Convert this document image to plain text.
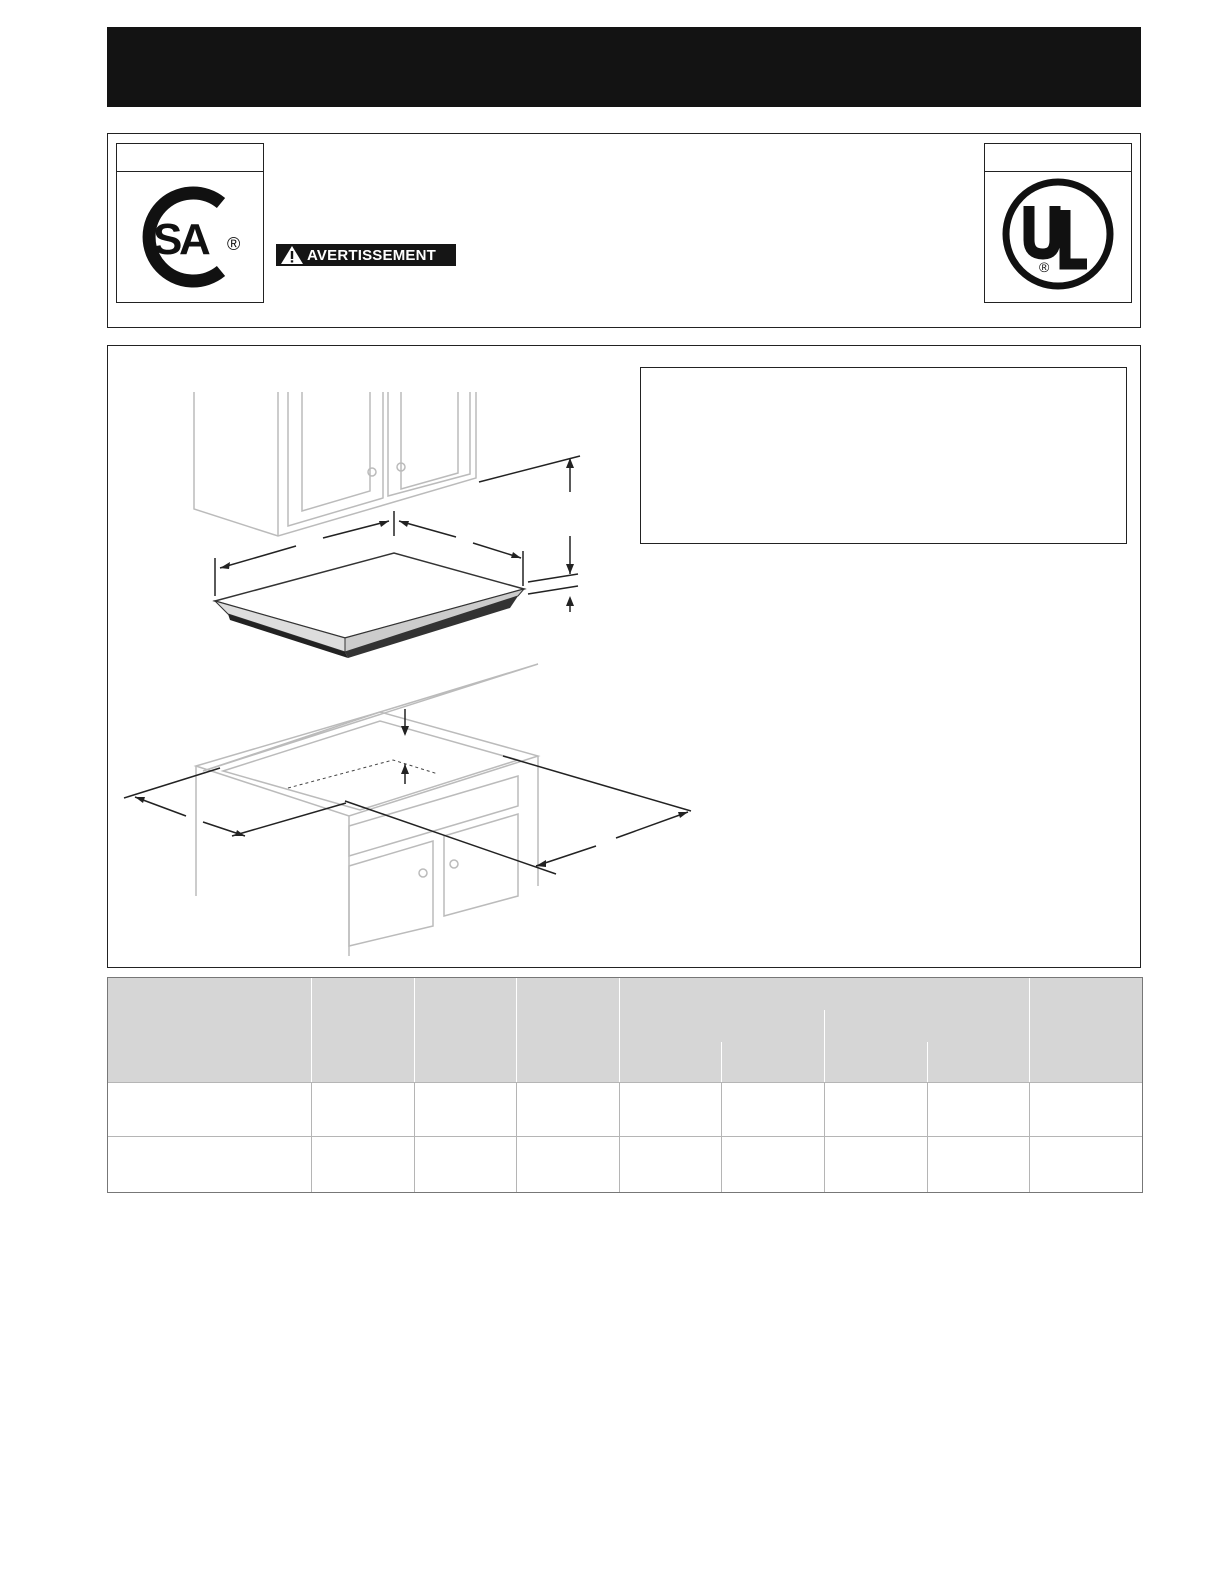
S
A ®
AVERTISSEMENT
®
